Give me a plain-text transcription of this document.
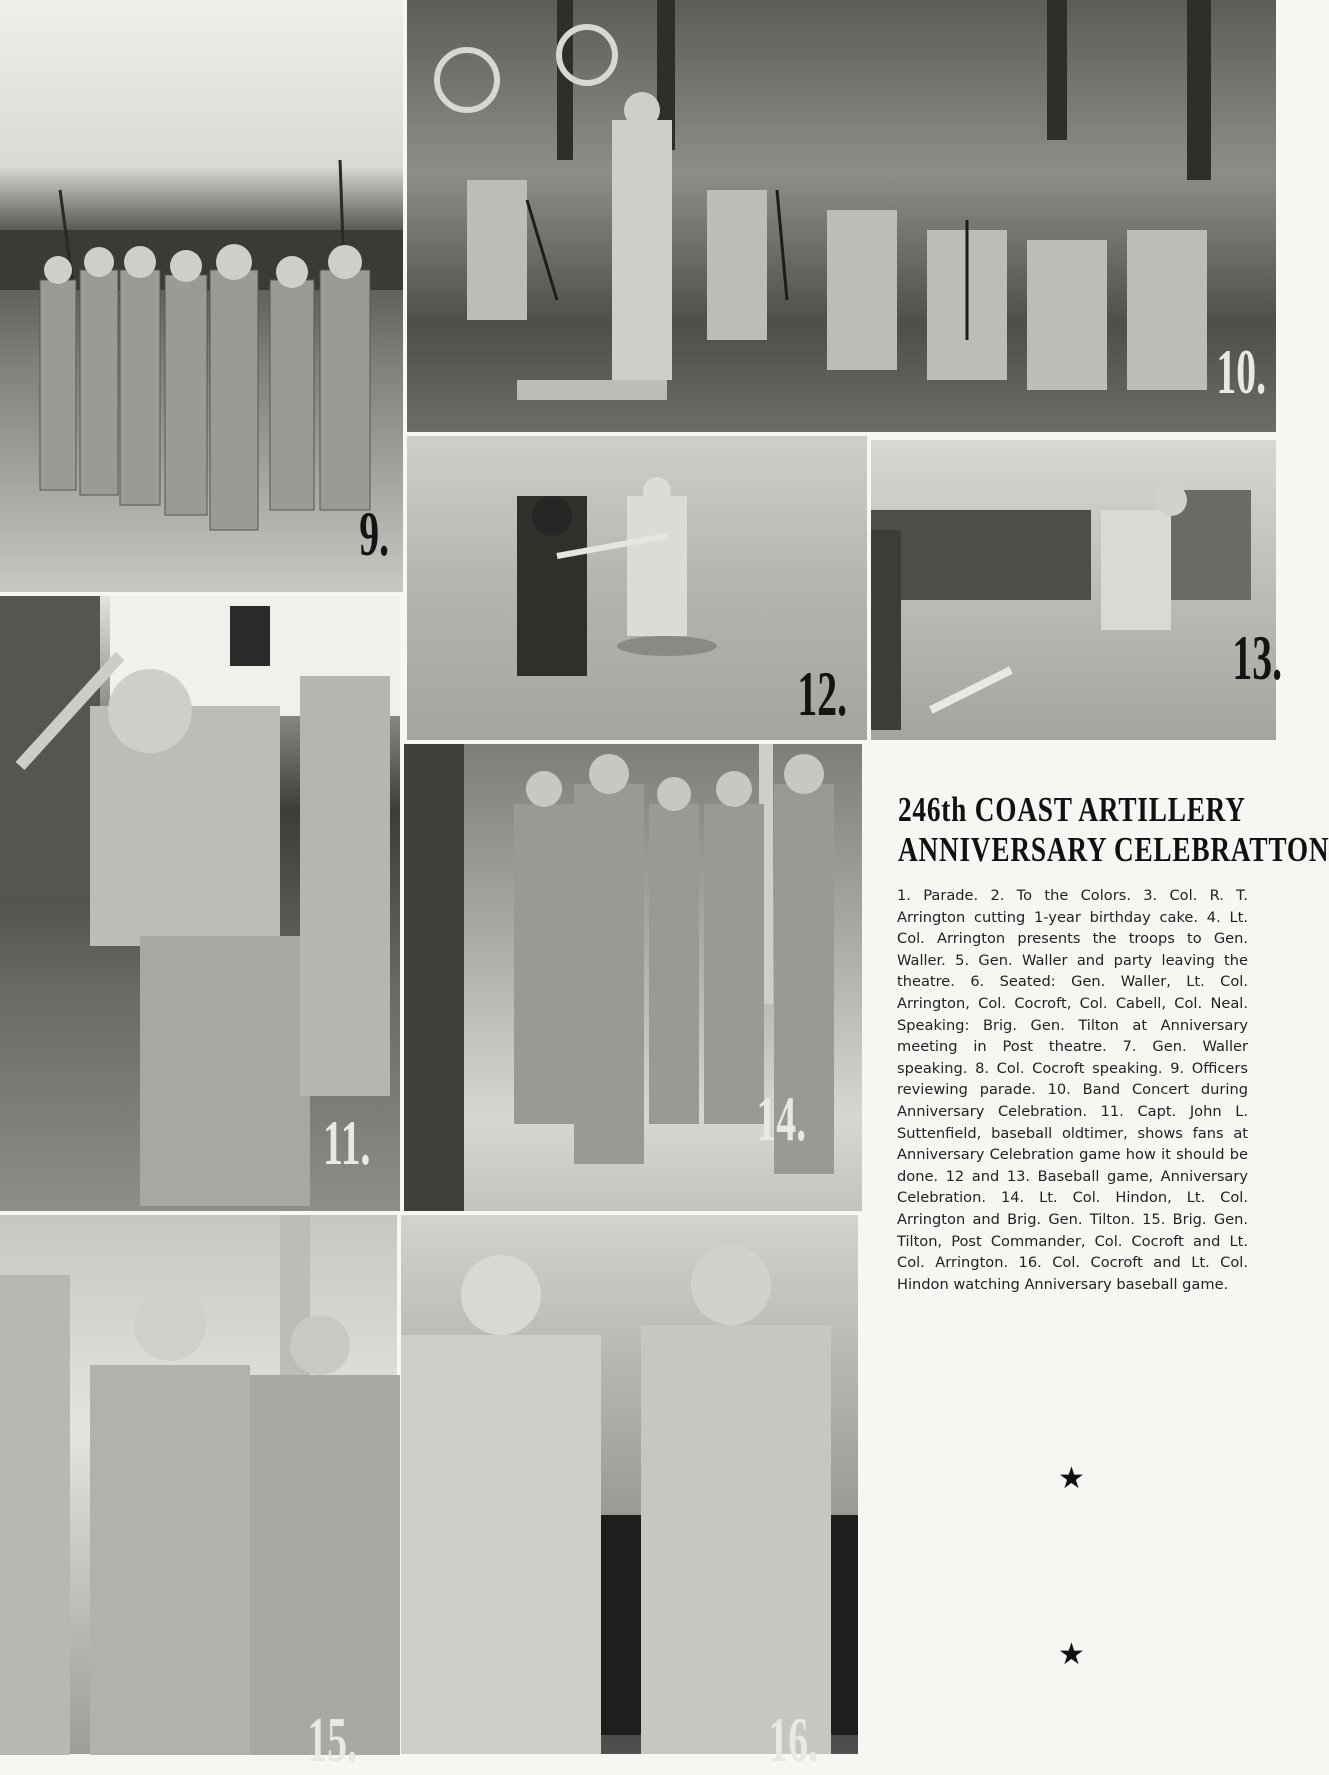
9.
10.
12.
13.
11.	14.
15.	16.
246th COAST ARTILLERY
ANNIVERSARY CELEBRATTON
1. Parade. 2. To the Colors. 3. Col. R. T. Arrington cutting 1-year birthday cake. 4. Lt. Col. Arrington presents the troops to Gen. Waller. 5. Gen. Waller and party leaving the theatre. 6. Seated: Gen. Waller, Lt. Col. Arrington, Col. Cocroft, Col. Cabell, Col. Neal. Speaking: Brig. Gen. Tilton at Anniversary meeting in Post theatre. 7. Gen. Waller speaking. 8. Col. Cocroft speaking. 9. Officers reviewing parade. 10. Band Concert during Anniversary Celebration. 11. Capt. John L. Suttenfield, baseball oldtimer, shows fans at Anniversary Celebration game how it should be done. 12 and 13. Baseball game, Anniversary Celebration. 14. Lt. Col. Hindon, Lt. Col. Arrington and Brig. Gen. Tilton. 15. Brig. Gen. Tilton, Post Commander, Col. Cocroft and Lt. Col. Arrington. 16. Col. Cocroft and Lt. Col. Hindon watching Anniversary baseball game.
★
★
